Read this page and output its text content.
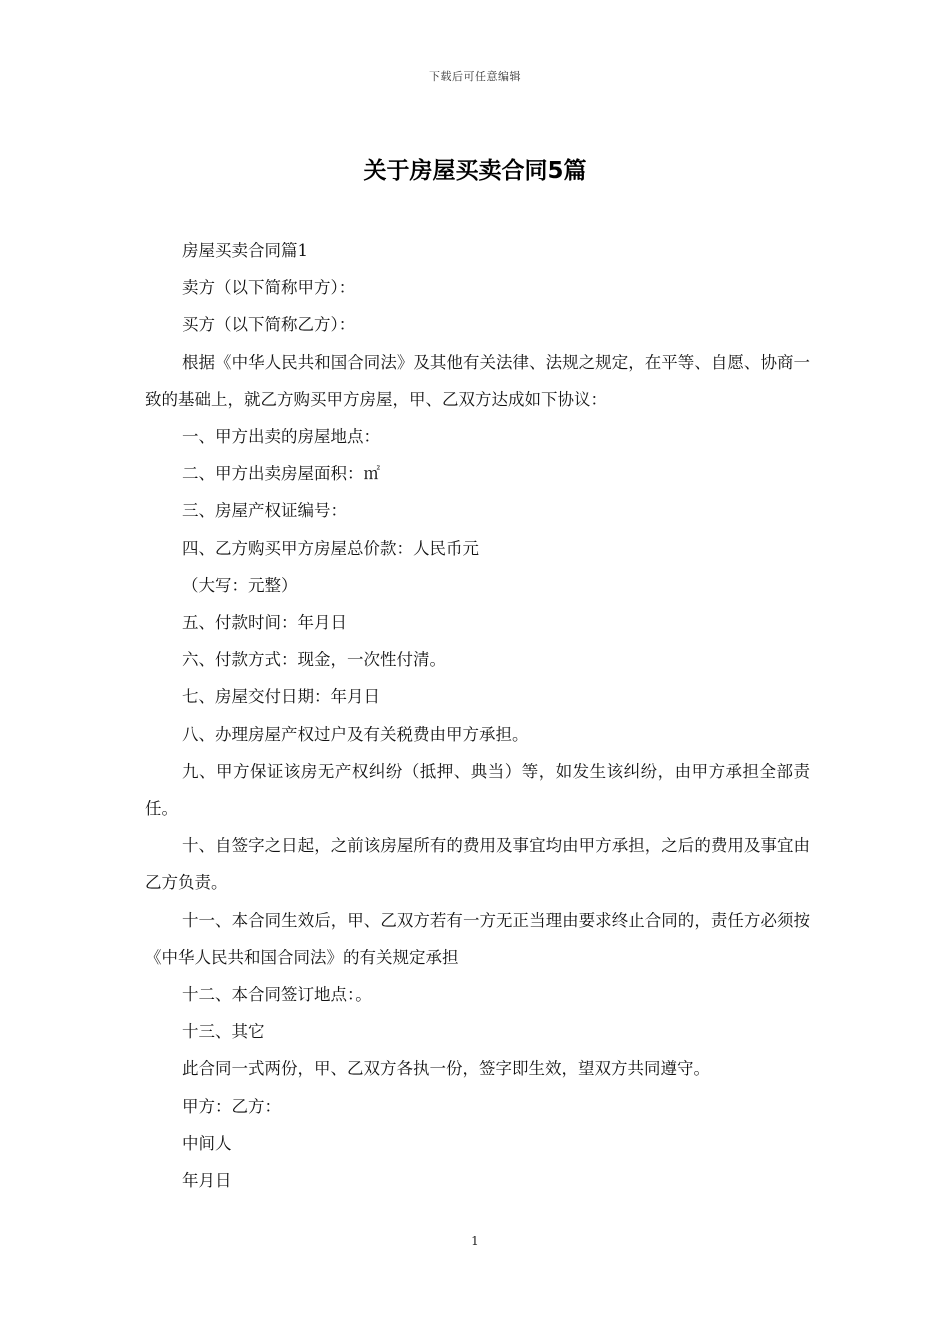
下载后可任意编辑
关于房屋买卖合同5篇

房屋买卖合同篇1

卖方（以下简称甲方）：

买方（以下简称乙方）：

根据《中华人民共和国合同法》及其他有关法律、法规之规定，在平等、自愿、协商一致的基础上，就乙方购买甲方房屋，甲、乙双方达成如下协议：

一、甲方出卖的房屋地点：

二、甲方出卖房屋面积：㎡

三、房屋产权证编号：

四、乙方购买甲方房屋总价款：人民币元

（大写：元整）

五、付款时间：年月日

六、付款方式：现金，一次性付清。

七、房屋交付日期：年月日

八、办理房屋产权过户及有关税费由甲方承担。

九、甲方保证该房无产权纠纷（抵押、典当）等，如发生该纠纷，由甲方承担全部责任。

十、自签字之日起，之前该房屋所有的费用及事宜均由甲方承担，之后的费用及事宜由乙方负责。

十一、本合同生效后，甲、乙双方若有一方无正当理由要求终止合同的，责任方必须按《中华人民共和国合同法》的有关规定承担

十二、本合同签订地点：。

十三、其它

此合同一式两份，甲、乙双方各执一份，签字即生效，望双方共同遵守。

甲方：乙方：

中间人

年月日

1
